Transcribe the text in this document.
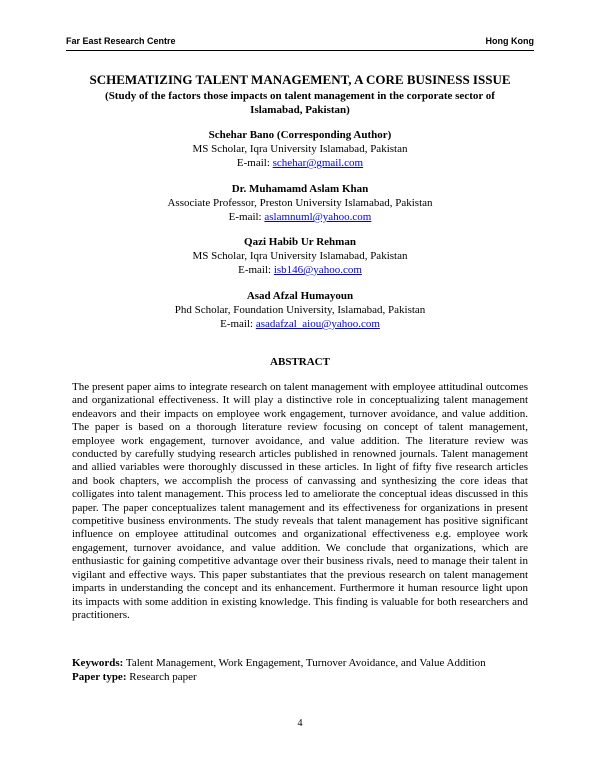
Far East Research Centre	Hong Kong
SCHEMATIZING TALENT MANAGEMENT, A CORE BUSINESS ISSUE
(Study of the factors those impacts on talent management in the corporate sector of Islamabad, Pakistan)
Schehar Bano (Corresponding Author)
MS Scholar, Iqra University Islamabad, Pakistan
E-mail: schehar@gmail.com
Dr. Muhamamd Aslam Khan
Associate Professor, Preston University Islamabad, Pakistan
E-mail: aslamnuml@yahoo.com
Qazi Habib Ur Rehman
MS Scholar, Iqra University Islamabad, Pakistan
E-mail: isb146@yahoo.com
Asad Afzal Humayoun
Phd Scholar, Foundation University, Islamabad, Pakistan
E-mail: asadafzal_aiou@yahoo.com
ABSTRACT

The present paper aims to integrate research on talent management with employee attitudinal outcomes and organizational effectiveness. It will play a distinctive role in conceptualizing talent management endeavors and their impacts on employee work engagement, turnover avoidance, and value addition. The paper is based on a thorough literature review focusing on concept of talent management, employee work engagement, turnover avoidance, and value addition. The literature review was conducted by carefully studying research articles published in renowned journals. Talent management and allied variables were thoroughly discussed in these articles. In light of fifty five research articles and book chapters, we accomplish the process of canvassing and synthesizing the core ideas that colligates into talent management. This process led to ameliorate the conceptual ideas discussed in this paper. The paper conceptualizes talent management and its effectiveness for organizations in present competitive business environments. The study reveals that talent management has positive significant influence on employee attitudinal outcomes and organizational effectiveness e.g. employee work engagement, turnover avoidance, and value addition. We conclude that organizations, which are enthusiastic for gaining competitive advantage over their business rivals, need to manage their talent in vigilant and effective ways. This paper substantiates that the previous research on talent management imparts in understanding the concept and its enhancement. Furthermore it human resource light upon its impacts with some addition in existing knowledge. This finding is valuable for both researchers and practitioners.

Keywords: Talent Management, Work Engagement, Turnover Avoidance, and Value Addition
Paper type: Research paper
4
